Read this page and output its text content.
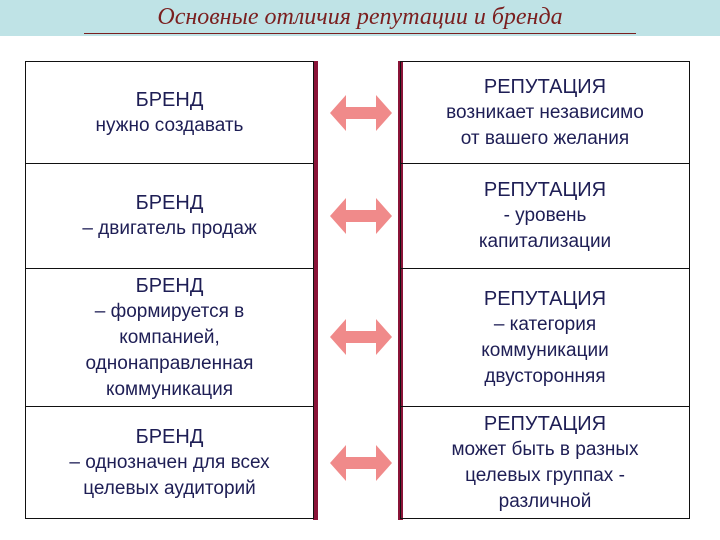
Основные отличия репутации и бренда
БРЕНД
нужно создавать
РЕПУТАЦИЯ
возникает независимо
от вашего желания
БРЕНД
– двигатель продаж
РЕПУТАЦИЯ
- уровень
капитализации
БРЕНД
– формируется в
компанией,
однонаправленная
коммуникация
РЕПУТАЦИЯ
– категория
коммуникации
двусторонняя
БРЕНД
– однозначен для всех
целевых аудиторий
РЕПУТАЦИЯ
может быть в разных
целевых группах -
различной
